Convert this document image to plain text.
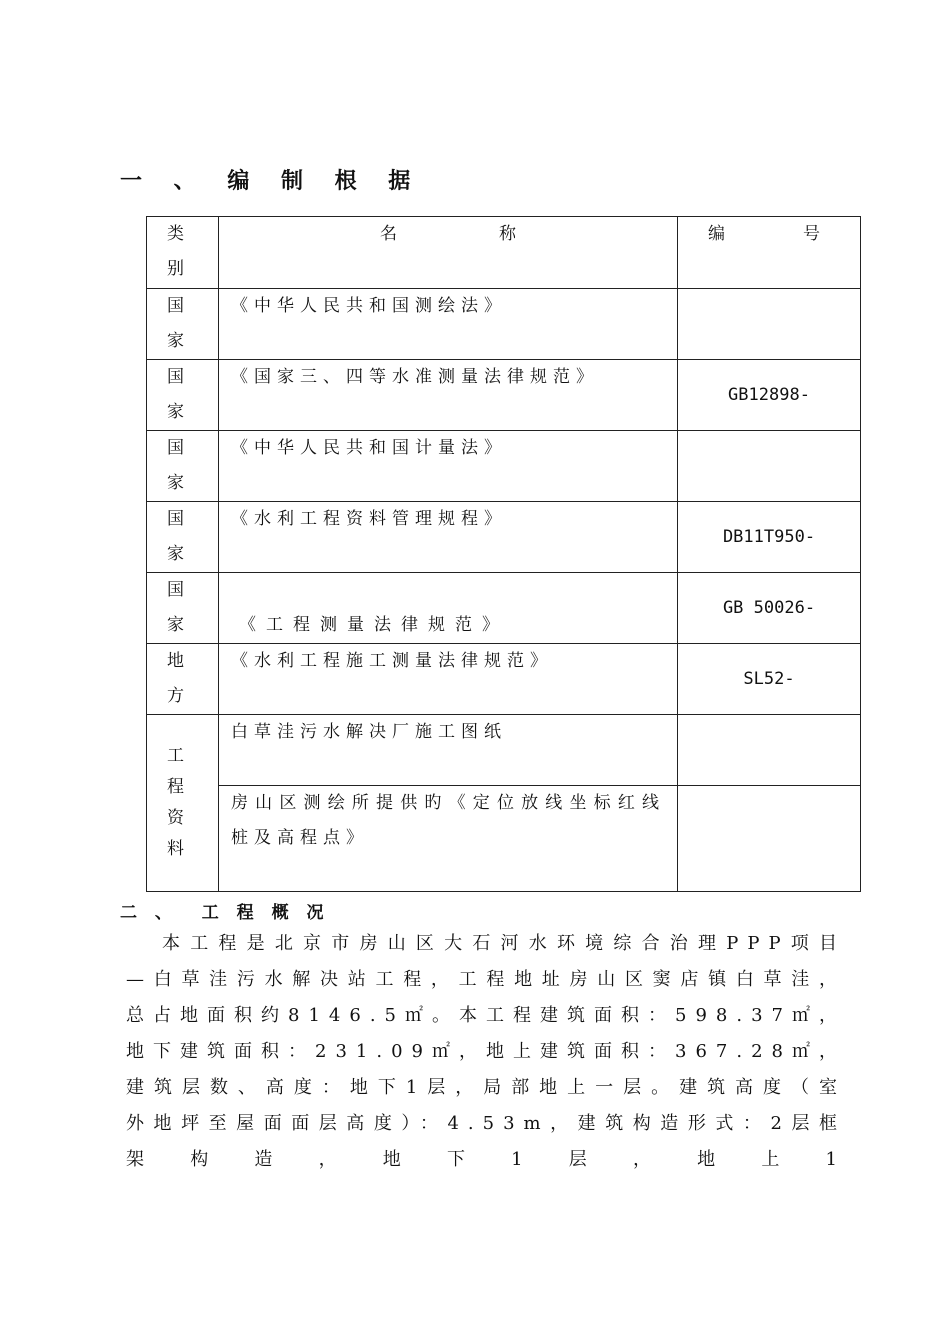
一 、 编 制 根 据
类别	名 称	编 号

国家	《中华人民共和国测绘法》	

国家	《国家三、四等水准测量法律规范》	GB12898-

国家	《中华人民共和国计量法》	

国家	《水利工程资料管理规程》	DB11T950-

国家	《工程测量法律规范》	GB 50026-

地方	《水利工程施工测量法律规范》	SL52-

工程资料	白草洼污水解决厂施工图纸	

	房山区测绘所提供旳《定位放线坐标红线桩及高程点》	

二 、  工 程 概 况
本工程是北京市房山区大石河水环境综合治理PPP项目—白草洼污水解决站工程，工程地址房山区窦店镇白草洼，总占地面积约8146.5㎡。本工程建筑面积：598.37㎡，地下建筑面积：231.09㎡，地上建筑面积：367.28㎡，建筑层数、高度：地下1层，局部地上一层。建筑高度（室外地坪至屋面面层高度）：4.53m，建筑构造形式：2层框架构造，地下1层，地上1
